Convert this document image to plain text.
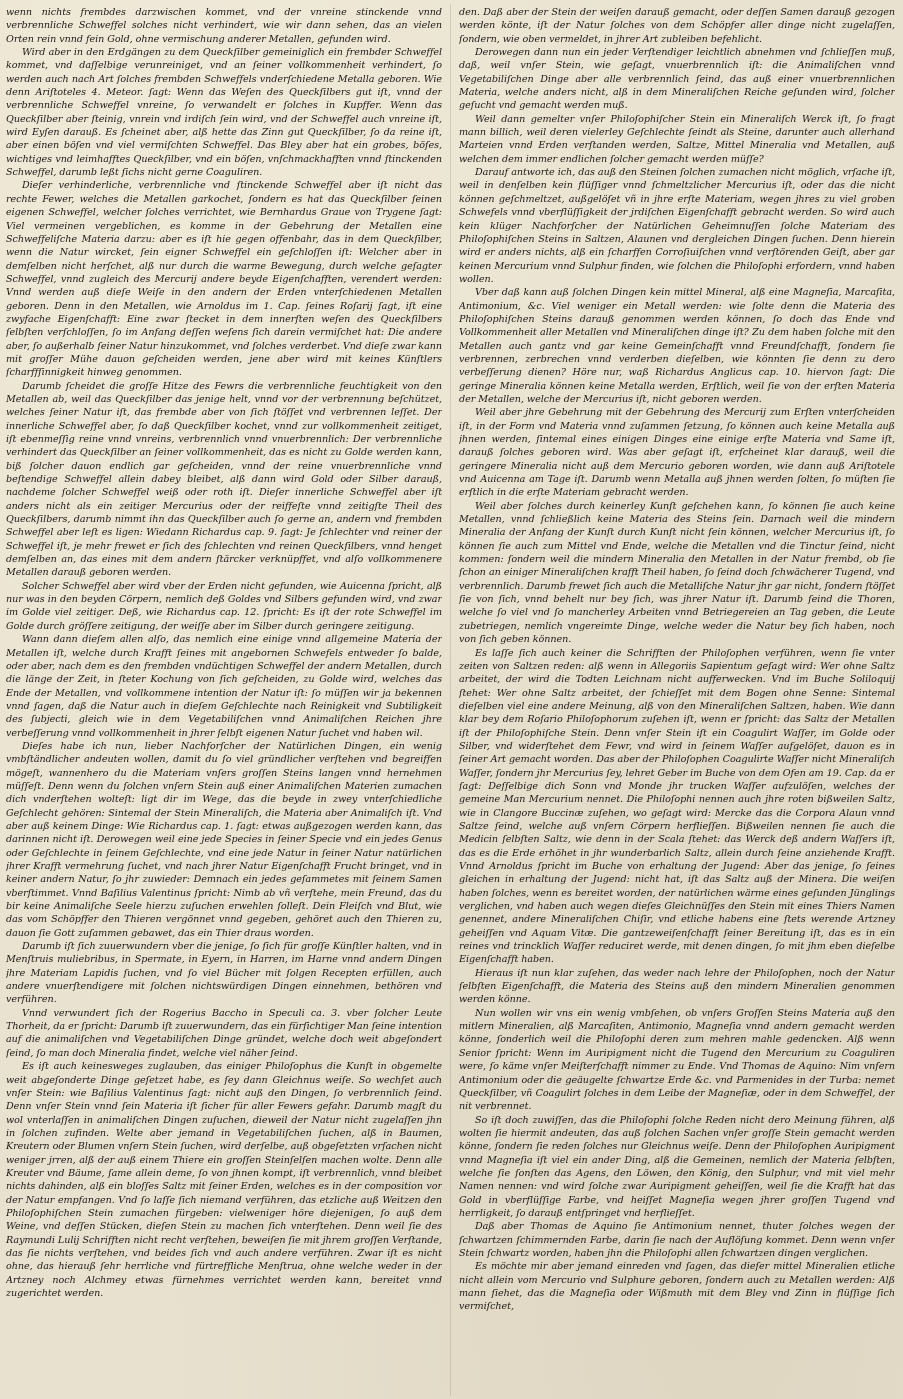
wenn nichts frembdes darzwischen kommet, vnd der vnreine stinckende vnnd verbrennliche Schweffel solches nicht verhindert, wie wir dann sehen, das an vielen Orten rein vnnd fein Gold, ohne vermischung anderer Metallen, gefunden wird.

Wird aber in den Erdgängen zu dem Queckſilber gemeiniglich ein frembder Schweffel kommet, vnd daſſelbige verunreiniget, vnd an ſeiner vollkommenheit verhindert, ſo werden auch nach Art ſolches frembden Schweffels vnderſchiedene Metalla geboren. Wie denn Ariſtoteles 4. Meteor. ſagt: Wenn das Weſen des Queckſilbers gut iſt, vnnd der verbrennliche Schweffel vnreine, ſo verwandelt er ſolches in Kupffer. Wenn das Queckſilber aber ſteinig, vnrein vnd irdiſch ſein wird, vnd der Schweffel auch vnreine iſt, wird Eyſen darauß. Es ſcheinet aber, alß hette das Zinn gut Queckſilber, ſo da reine iſt, aber einen böſen vnd viel vermiſchten Schweffel. Das Bley aber hat ein grobes, böſes, wichtiges vnd leimhafftes Queckſilber, vnd ein böſen, vnſchmackhafften vnnd ſtinckenden Schweffel, darumb leßt ſichs nicht gerne Coaguliren.

Dieſer verhinderliche, verbrennliche vnd ſtinckende Schweffel aber iſt nicht das rechte Fewer, welches die Metallen garkochet, ſondern es hat das Queckſilber ſeinen eigenen Schweffel, welcher ſolches verrichtet, wie Bernhardus Graue von Trygene ſagt: Viel vermeinen vergeblichen, es komme in der Gebehrung der Metallen eine Schweffeliſche Materia darzu: aber es iſt hie gegen offenbahr, das in dem Queckſilber, wenn die Natur wircket, ſein eigner Schweffel ein geſchloſſen iſt: Welcher aber in demſelben nicht herſchet, alß nur durch die warme Bewegung, durch welche geſagter Schweffel, vnnd zugleich des Mercurij andere beyde Eigenſchafften, verendert werden: Vnnd werden auß dieſe Weiſe in den andern der Erden vnterſchiedenen Metallen geboren. Denn in den Metallen, wie Arnoldus im 1. Cap. ſeines Roſarij ſagt, iſt eine zwyfache Eigenſchafft: Eine zwar ſtecket in dem innerſten weſen des Queckſilbers ſelbſten verſchloſſen, ſo im Anfang deſſen weſens ſich darein vermiſchet hat: Die andere aber, ſo außerhalb ſeiner Natur hinzukommet, vnd ſolches verderbet. Vnd dieſe zwar kann mit groſſer Mühe dauon geſcheiden werden, jene aber wird mit keines Künſtlers ſcharffſinnigkeit hinweg genommen.

Darumb ſcheidet die groſſe Hitze des Fewrs die verbrennliche feuchtigkeit von den Metallen ab, weil das Queckſilber das jenige helt, vnnd vor der verbrennung beſchützet, welches ſeiner Natur iſt, das frembde aber von ſich ſtöſſet vnd verbrennen leſſet. Der innerliche Schweffel aber, ſo daß Queckſilber kochet, vnnd zur vollkommenheit zeitiget, iſt ebenmeſſig reine vnnd vnreins, verbrennlich vnnd vnuerbrennlich: Der verbrennliche verhindert das Queckſilber an ſeiner vollkommenheit, das es nicht zu Golde werden kann, biß ſolcher dauon endlich gar geſcheiden, vnnd der reine vnuerbrennliche vnnd beſtendige Schweffel allein dabey bleibet, alß dann wird Gold oder Silber darauß, nachdeme ſolcher Schweffel weiß oder roth iſt. Dieſer innerliche Schweffel aber iſt anders nicht als ein zeitiger Mercurius oder der reiffeſte vnnd zeitigſte Theil des Queckſilbers, darumb nimmt ihn das Queckſilber auch ſo gerne an, andern vnd frembden Schweffel aber leſt es ligen: Wiedann Richardus cap. 9. ſagt: Je ſchlechter vnd reiner der Schweffel iſt, je mehr frewet er ſich des ſchlechten vnd reinen Queckſilbers, vnnd henget demſelben an, das eines mit dem andern ſtärcker verknüpffet, vnd alſo vollkommenere Metallen darauß geboren werden.

Solcher Schweffel aber wird vber der Erden nicht gefunden, wie Auicenna ſpricht, alß nur was in den beyden Cörpern, nemlich deß Goldes vnd Silbers gefunden wird, vnd zwar im Golde viel zeitiger. Deß, wie Richardus cap. 12. ſpricht: Es iſt der rote Schweffel im Golde durch gröſſere zeitigung, der weiſſe aber im Silber durch geringere zeitigung.

Wann dann dieſem allen alſo, das nemlich eine einige vnnd allgemeine Materia der Metallen iſt, welche durch Krafft ſeines mit angebornen Schwefels entweder ſo balde, oder aber, nach dem es den frembden vndüchtigen Schweffel der andern Metallen, durch die länge der Zeit, in ſteter Kochung von ſich geſcheiden, zu Golde wird, welches das Ende der Metallen, vnd vollkommene intention der Natur iſt: ſo müſſen wir ja bekennen vnnd ſagen, daß die Natur auch in dieſem Geſchlechte nach Reinigkeit vnd Subtiligkeit des ſubjecti, gleich wie in dem Vegetabiliſchen vnnd Animaliſchen Reichen jhre verbeſſerung vnnd vollkommenheit in jhrer ſelbſt eigenen Natur ſuchet vnd haben wil.

Dieſes habe ich nun, lieber Nachforſcher der Natürlichen Dingen, ein wenig vmbſtändlicher andeuten wollen, damit du ſo viel gründlicher verſtehen vnd begreiffen mögeſt, wannenhero du die Materiam vnſers groſſen Steins langen vnnd hernehmen müſſeſt. Denn wenn du ſolchen vnſern Stein auß einer Animaliſchen Materien zumachen dich vnderſtehen wolteſt: ligt dir im Wege, das die beyde in zwey vnterſchiedliche Geſchlecht gehören: Sintemal der Stein Mineraliſch, die Materia aber Animaliſch iſt. Vnd aber auß keinem Dinge: Wie Richardus cap. 1. ſagt: etwas außgezogen werden kann, das darinnen nicht iſt. Derowegen weil eine jede Species in ſeiner Specie vnd ein jedes Genus oder Geſchlechte in ſeinem Geſchlechte, vnd eine jede Natur in ſeiner Natur natürlichen jhrer Krafft vermehrung ſuchet, vnd nach jhrer Natur Eigenſchafft Frucht bringet, vnd in keiner andern Natur, ſo jhr zuwieder: Demnach ein jedes geſammetes mit ſeinem Samen vberſtimmet. Vnnd Baſilius Valentinus ſpricht: Nimb ab vñ verſtehe, mein Freund, das du bir keine Animaliſche Seele hierzu zuſuchen erwehlen ſolleſt. Dein Fleiſch vnd Blut, wie das vom Schöpffer den Thieren vergönnet vnnd gegeben, gehöret auch den Thieren zu, dauon ſie Gott zuſammen gebawet, das ein Thier draus worden.

Darumb iſt ſich zuuerwundern vber die jenige, ſo ſich für groſſe Künſtler halten, vnd in Menſtruis muliebribus, in Spermate, in Eyern, in Harren, im Harne vnnd andern Dingen jhre Materiam Lapidis ſuchen, vnd ſo viel Bücher mit ſolgen Recepten erfüllen, auch andere vnuerſtendigere mit ſolchen nichtswürdigen Dingen einnehmen, bethören vnd verführen.

Vnnd verwundert ſich der Rogerius Baccho in Speculi ca. 3. vber ſolcher Leute Thorheit, da er ſpricht: Darumb iſt zuuerwundern, das ein fürſichtiger Man ſeine intention auf die animaliſchen vnd Vegetabiliſchen Dinge gründet, welche doch weit abgeſondert ſeind, ſo man doch Mineralia findet, welche viel näher ſeind.

Es iſt auch keinesweges zuglauben, das einiger Philoſophus die Kunſt in obgemelte weit abgeſonderte Dinge geſetzet habe, es ſey dann Gleichnus weiſe. So wechſet auch vnſer Stein: wie Baſilius Valentinus ſagt: nicht auß den Dingen, ſo verbrennlich ſeind. Denn vnſer Stein vnnd ſein Materia iſt ſicher für aller Fewers gefahr. Darumb magſt du wol vnterlaſſen in animaliſchen Dingen zuſuchen, dieweil der Natur nicht zugelaſſen jhn in ſolchen zufinden. Welte aber jemand in Vegetabiliſchen ſuchen, alß in Baumen, Kreutern oder Blumen vnſern Stein ſuchen, wird derſelbe, auß obgeſetzten vrſachen nicht weniger jrren, alß der auß einem Thiere ein groſſen Steinſelſen machen wolte. Denn alle Kreuter vnd Bäume, ſame allein deme, ſo von jhnen kompt, iſt verbrennlich, vnnd bleibet nichts dahinden, alß ein bloſſes Saltz mit ſeiner Erden, welches es in der composition vor der Natur empfangen. Vnd ſo laſſe ſich niemand verführen, das etzliche auß Weitzen den Philoſophiſchen Stein zumachen fürgeben: vielweniger höre diejenigen, ſo auß dem Weine, vnd deſſen Stücken, dieſen Stein zu machen ſich vnterſtehen. Denn weil ſie des Raymundi Lulij Schrifften nicht recht verſtehen, beweiſen ſie mit jhrem groſſen Verſtande, das ſie nichts verſtehen, vnd beides ſich vnd auch andere verführen. Zwar iſt es nicht ohne, das hierauß ſehr herrliche vnd fürtreffliche Menſtrua, ohne welche weder in der Artzney noch Alchmey etwas fürnehmes verrichtet werden kann, bereitet vnnd zugerichtet werden.

den. Daß aber der Stein der weiſen darauß gemacht, oder deſſen Samen darauß gezogen werden könte, iſt der Natur ſolches von dem Schöpfer aller dinge nicht zugelaſſen, ſondern, wie oben vermeldet, in jhrer Art zubleiben befehlicht.

Derowegen dann nun ein jeder Verſtendiger leichtlich abnehmen vnd ſchlieſſen muß, daß, weil vnſer Stein, wie geſagt, vnuerbrennlich iſt: die Animaliſchen vnnd Vegetabiliſchen Dinge aber alle verbrennlich ſeind, das auß einer vnuerbrennlichen Materia, welche anders nicht, alß in dem Mineraliſchen Reiche geſunden wird, ſolcher geſucht vnd gemacht werden muß.

Weil dann gemelter vnſer Philoſophiſcher Stein ein Mineraliſch Werck iſt, ſo fragt mann billich, weil deren vielerley Geſchlechte ſeindt als Steine, darunter auch allerhand Marteien vnnd Erden verſtanden werden, Saltze, Mittel Mineralia vnd Metallen, auß welchen dem immer endlichen ſolcher gemacht werden müſſe?

Darauf antworte ich, das auß den Steinen ſolchen zumachen nicht möglich, vrſache iſt, weil in denſelben kein flüſſiger vnnd ſchmeltzlicher Mercurius iſt, oder das die nicht können geſchmeltzet, außgelöſet vñ in jhre erſte Materiam, wegen jhres zu viel groben Schwefels vnnd vberflüſſigkeit der jrdiſchen Eigenſchafft gebracht werden. So wird auch kein klüger Nachforſcher der Natürlichen Geheimnuſſen ſolche Materiam des Philoſophiſchen Steins in Saltzen, Alaunen vnd dergleichen Dingen ſuchen. Denn hierein wird er anders nichts, alß ein ſcharffen Corroſiuiſchen vnnd verſtörenden Geiſt, aber gar keinen Mercurium vnnd Sulphur finden, wie ſolchen die Philoſophi erfordern, vnnd haben wollen.

Vber daß kann auß ſolchen Dingen kein mittel Mineral, alß eine Magneſia, Marcaſita, Antimonium, &c. Viel weniger ein Metall werden: wie ſolte denn die Materia des Philoſophiſchen Steins darauß genommen werden können, ſo doch das Ende vnd Vollkommenheit aller Metallen vnd Mineraliſchen dinge iſt? Zu dem haben ſolche mit den Metallen auch gantz vnd gar keine Gemeinſchafft vnnd Freundſchafft, ſondern ſie verbrennen, zerbrechen vnnd verderben dieſelben, wie könnten ſie denn zu dero verbeſſerung dienen? Höre nur, waß Richardus Anglicus cap. 10. hiervon ſagt: Die geringe Mineralia können keine Metalla werden, Erſtlich, weil ſie von der erſten Materia der Metallen, welche der Mercurius iſt, nicht geboren werden.

Weil aber jhre Gebehrung mit der Gebehrung des Mercurij zum Erſten vnterſcheiden iſt, in der Form vnd Materia vnnd zuſammen ſetzung, ſo können auch keine Metalla auß jhnen werden, ſintemal eines einigen Dinges eine einige erſte Materia vnd Same iſt, darauß ſolches geboren wird. Was aber geſagt iſt, erſcheinet klar darauß, weil die geringere Mineralia nicht auß dem Mercurio geboren worden, wie dann auß Ariſtotele vnd Auicenna am Tage iſt. Darumb wenn Metalla auß jhnen werden ſolten, ſo müſten ſie erſtlich in die erſte Materiam gebracht werden.

Weil aber ſolches durch keinerley Kunſt geſchehen kann, ſo können ſie auch keine Metallen, vnnd ſchließlich keine Materia des Steins ſein. Darnach weil die mindern Mineralia der Anfang der Kunſt durch Kunſt nicht ſein können, welcher Mercurius iſt, ſo können ſie auch zum Mittel vnd Ende, welche die Metallen vnd die Tinctur ſeind, nicht kommen: ſondern weil die mindern Mineralia den Metallen in der Natur frembd, ob ſie ſchon an einiger Mineraliſchen krafft Theil haben, ſo ſeind doch ſchwächerer Tugend, vnd verbrennlich. Darumb frewet ſich auch die Metalliſche Natur jhr gar nicht, ſondern ſtöſſet ſie von ſich, vnnd behelt nur bey ſich, was jhrer Natur iſt. Darumb ſeind die Thoren, welche ſo viel vnd ſo mancherley Arbeiten vnnd Betriegereien an Tag geben, die Leute zubetriegen, nemlich vngereimte Dinge, welche weder die Natur bey ſich haben, noch von ſich geben können.

Es laſſe ſich auch keiner die Schrifften der Philoſophen verführen, wenn ſie vnter zeiten von Saltzen reden: alß wenn in Allegoriis Sapientum geſagt wird: Wer ohne Saltz arbeitet, der wird die Todten Leichnam nicht aufferwecken. Vnd im Buche Soliloquij ſtehet: Wer ohne Saltz arbeitet, der ſchieſſet mit dem Bogen ohne Senne: Sintemal dieſelben viel eine andere Meinung, alß von den Mineraliſchen Saltzen, haben. Wie dann klar bey dem Roſario Philoſophorum zuſehen iſt, wenn er ſpricht: das Saltz der Metallen iſt der Philoſophiſche Stein. Denn vnſer Stein iſt ein Coagulirt Waſſer, im Golde oder Silber, vnd widerſtehet dem Fewr, vnd wird in ſeinem Waſſer aufgelöſet, dauon es in ſeiner Art gemacht worden. Das aber der Philoſophen Coagulirte Waſſer nicht Mineraliſch Waſſer, ſondern jhr Mercurius ſey, lehret Geber im Buche von dem Ofen am 19. Cap. da er ſagt: Deſſelbige dich Sonn vnd Monde jhr trucken Waſſer aufzulöſen, welches der gemeine Man Mercurium nennet. Die Philoſophi nennen auch jhre roten bißweilen Saltz, wie in Clangore Buccinæ zuſehen, wo geſagt wird: Mercke das die Corpora Alaun vnnd Saltze ſeind, welche auß vnſern Cörpern herflieſſen. Bißweilen nennen ſie auch die Medicin ſelbſten Saltz, wie denn in der Scala ſtehet: das Werck deß andern Waſſers iſt, das es die Erde erhöhet in jhr wunderbarlich Saltz, allein durch ſeine anziehende Krafft. Vnnd Arnoldus ſpricht im Buche von erhaltung der Jugend: Aber das jenige, ſo ſeines gleichen in erhaltung der Jugend: nicht hat, iſt das Saltz auß der Minera. Die weiſen haben ſolches, wenn es bereitet worden, der natürlichen wärme eines geſunden Jünglings verglichen, vnd haben auch wegen dieſes Gleichnüſſes den Stein mit eines Thiers Namen genennet, andere Mineraliſchen Chiſir, vnd etliche habens eine ſtets werende Artzney geheiſſen vnd Aquam Vitæ. Die gantzeweiſenſchafft ſeiner Bereitung iſt, das es in ein reines vnd trincklich Waſſer reduciret werde, mit denen dingen, ſo mit jhm eben dieſelbe Eigenſchafft haben.

Hieraus iſt nun klar zuſehen, das weder nach lehre der Philoſophen, noch der Natur ſelbſten Eigenſchafft, die Materia des Steins auß den mindern Mineralien genommen werden könne.

Nun wollen wir vns ein wenig vmbſehen, ob vnſers Groſſen Steins Materia auß den mitlern Mineralien, alß Marcaſiten, Antimonio, Magneſia vnnd andern gemacht werden könne, ſonderlich weil die Philoſophi deren zum mehren mahle gedencken. Alß wenn Senior ſpricht: Wenn im Auripigment nicht die Tugend den Mercurium zu Coaguliren were, ſo käme vnſer Meiſterſchafft nimmer zu Ende. Vnd Thomas de Aquino: Nim vnſern Antimonium oder die geäugelte ſchwartze Erde &c. vnd Parmenides in der Turba: nemet Queckſilber, vñ Coagulirt ſolches in dem Leibe der Magneſiæ, oder in dem Schweffel, der nit verbrennet.

So iſt doch zuwiſſen, das die Philoſophi ſolche Reden nicht dero Meinung führen, alß wolten ſie hiermit andeuten, das auß ſolchen Sachen vnſer groſſe Stein gemacht werden könne, ſondern ſie reden ſolches nur Gleichnus weiſe. Denn der Philoſophen Auripigment vnnd Magneſia iſt viel ein ander Ding, alß die Gemeinen, nemlich der Materia ſelbſten, welche ſie ſonſten das Agens, den Löwen, den König, den Sulphur, vnd mit viel mehr Namen nennen: vnd wird ſolche zwar Auripigment geheiſſen, weil ſie die Krafft hat das Gold in vberflüſſige Farbe, vnd heiſſet Magneſia wegen jhrer groſſen Tugend vnd herrligkeit, ſo darauß entſpringet vnd herflieſſet.

Daß aber Thomas de Aquino ſie Antimonium nennet, thuter ſolches wegen der ſchwartzen ſchimmernden Farbe, darin ſie nach der Auflöſung kommet. Denn wenn vnſer Stein ſchwartz worden, haben jhn die Philoſophi allen ſchwartzen dingen verglichen.

Es möchte mir aber jemand einreden vnd ſagen, das dieſer mittel Mineralien etliche nicht allein vom Mercurio vnd Sulphure geboren, ſondern auch zu Metallen werden: Alß mann ſiehet, das die Magneſia oder Wißmuth mit dem Bley vnd Zinn in flüſſige ſich vermiſchet,
